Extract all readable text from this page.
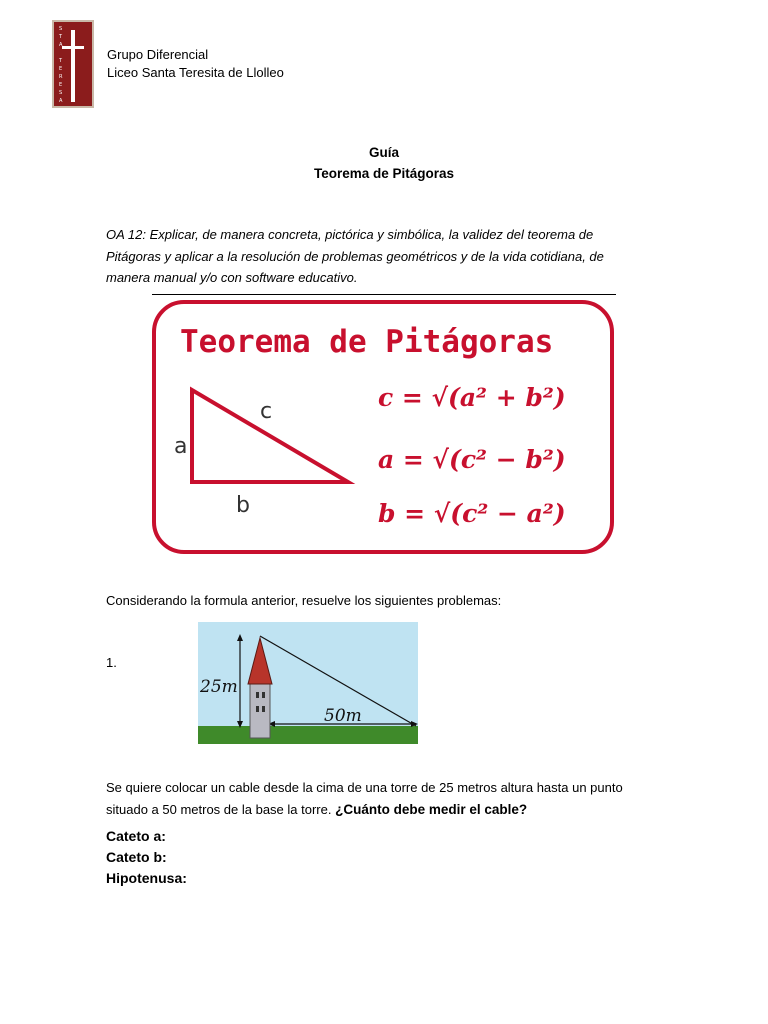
S
T
A
T
E
R
E
S
A
Grupo Diferencial
Liceo Santa Teresita de Llolleo
Guía
Teorema de Pitágoras
OA 12: Explicar, de manera concreta, pictórica y simbólica, la validez del teorema de Pitágoras y aplicar a la resolución de problemas geométricos y de la vida cotidiana, de manera manual y/o con software educativo.
Teorema de Pitágoras
a
c
b
c = √(a² + b²)
a = √(c² − b²)
b = √(c² − a²)
Considerando la formula anterior, resuelve los siguientes problemas:
1.
25m
50m
Se quiere colocar un cable desde la cima de una torre de 25 metros altura hasta un punto situado a 50 metros de la base la torre. ¿Cuánto debe medir el cable?
Cateto a:
Cateto b:
Hipotenusa:
